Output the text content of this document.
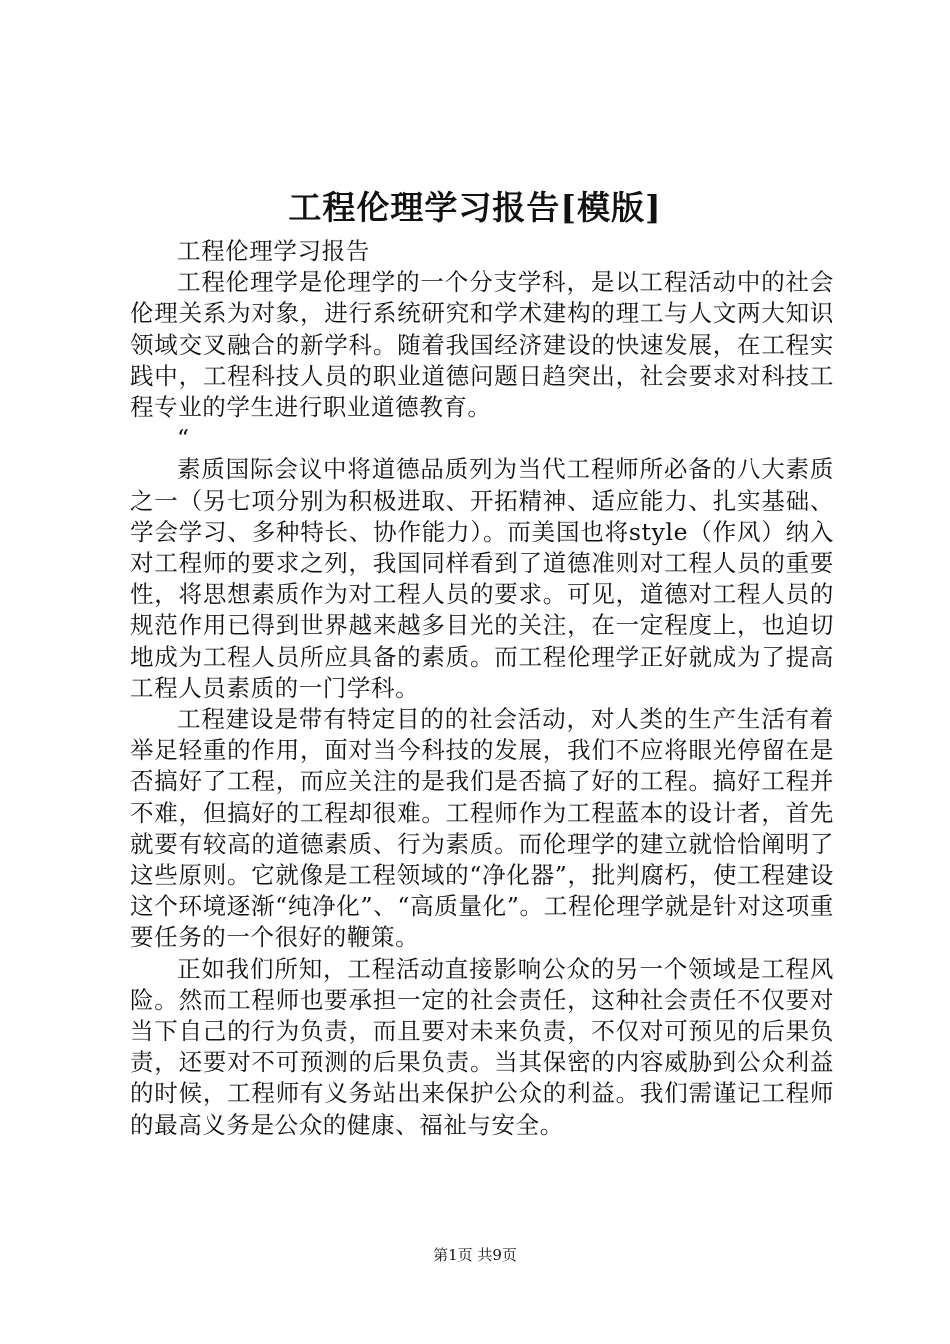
工程伦理学习报告[模版]

工程伦理学习报告

工程伦理学是伦理学的一个分支学科，是以工程活动中的社会伦理关系为对象，进行系统研究和学术建构的理工与人文两大知识领域交叉融合的新学科。随着我国经济建设的快速发展，在工程实践中，工程科技人员的职业道德问题日趋突出，社会要求对科技工程专业的学生进行职业道德教育。

“

素质国际会议中将道德品质列为当代工程师所必备的八大素质之一（另七项分别为积极进取、开拓精神、适应能力、扎实基础、学会学习、多种特长、协作能力）。而美国也将style（作风）纳入对工程师的要求之列，我国同样看到了道德准则对工程人员的重要性，将思想素质作为对工程人员的要求。可见，道德对工程人员的规范作用已得到世界越来越多目光的关注，在一定程度上，也迫切地成为工程人员所应具备的素质。而工程伦理学正好就成为了提高工程人员素质的一门学科。

工程建设是带有特定目的的社会活动，对人类的生产生活有着举足轻重的作用，面对当今科技的发展，我们不应将眼光停留在是否搞好了工程，而应关注的是我们是否搞了好的工程。搞好工程并不难，但搞好的工程却很难。工程师作为工程蓝本的设计者，首先就要有较高的道德素质、行为素质。而伦理学的建立就恰恰阐明了这些原则。它就像是工程领域的“净化器”，批判腐朽，使工程建设这个环境逐渐“纯净化”、“高质量化”。工程伦理学就是针对这项重要任务的一个很好的鞭策。

正如我们所知，工程活动直接影响公众的另一个领域是工程风险。然而工程师也要承担一定的社会责任，这种社会责任不仅要对当下自己的行为负责，而且要对未来负责，不仅对可预见的后果负责，还要对不可预测的后果负责。当其保密的内容威胁到公众利益的时候，工程师有义务站出来保护公众的利益。我们需谨记工程师的最高义务是公众的健康、福祉与安全。

第1页 共9页
